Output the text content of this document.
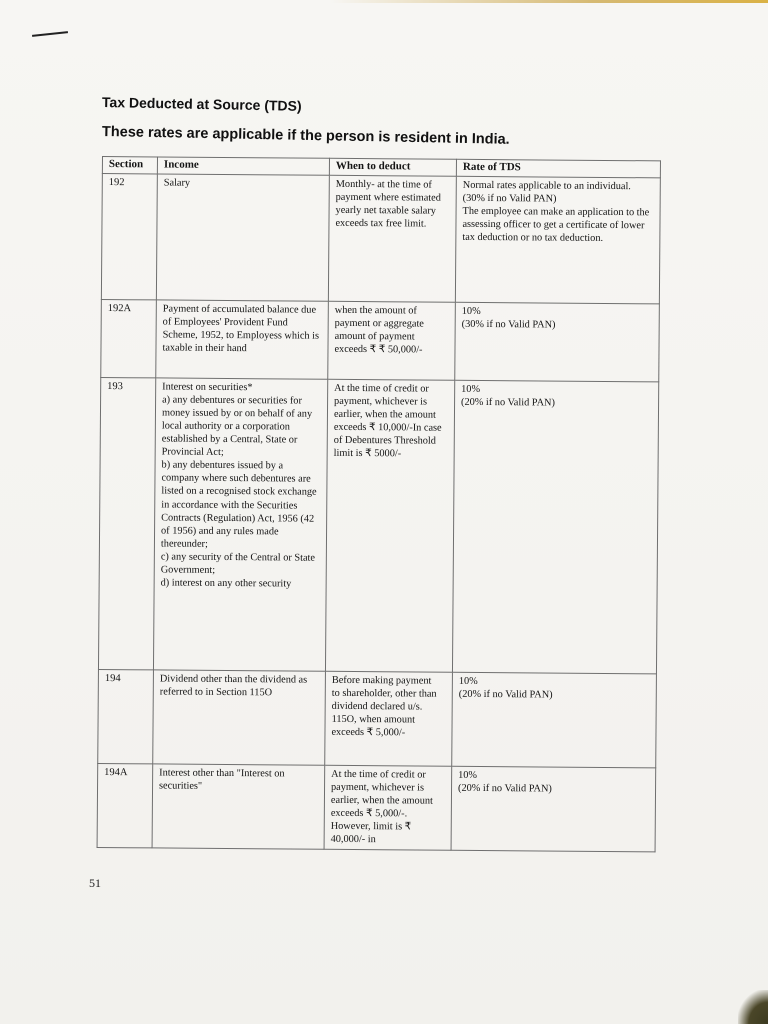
Tax Deducted at Source (TDS)
These rates are applicable if the person is resident in India.
Section	Income	When to deduct	Rate of TDS
192	Salary	Monthly- at the time of payment where estimated yearly net taxable salary exceeds tax free limit.	Normal rates applicable to an individual.
(30% if no Valid PAN)
The employee can make an application to the assessing officer to get a certificate of lower tax deduction or no tax deduction.

192A	Payment of accumulated balance due of Employees' Provident Fund Scheme, 1952, to Employess which is taxable in their hand	when the amount of payment or aggregate amount of payment exceeds ₹ ₹ 50,000/-	10%
(30% if no Valid PAN)

193	Interest on securities*
a) any debentures or securities for money issued by or on behalf of any local authority or a corporation established by a Central, State or Provincial Act;
b) any debentures issued by a company where such debentures are listed on a recognised stock exchange in accordance with the Securities Contracts (Regulation) Act, 1956 (42 of 1956) and any rules made thereunder;
c) any security of the Central or State Government;
d) interest on any other security	At the time of credit or payment, whichever is earlier, when the amount exceeds ₹ 10,000/-In case of Debentures Threshold limit is ₹ 5000/-	10%
(20% if no Valid PAN)

194	Dividend other than the dividend as referred to in Section 115O	Before making payment
to shareholder, other than dividend declared u/s. 115O, when amount exceeds ₹ 5,000/-	10%
(20% if no Valid PAN)

194A	Interest other than "Interest on securities"	At the time of credit or payment, whichever is earlier, when the amount exceeds ₹ 5,000/-. However, limit is ₹ 40,000/- in	10%
(20% if no Valid PAN)
51
